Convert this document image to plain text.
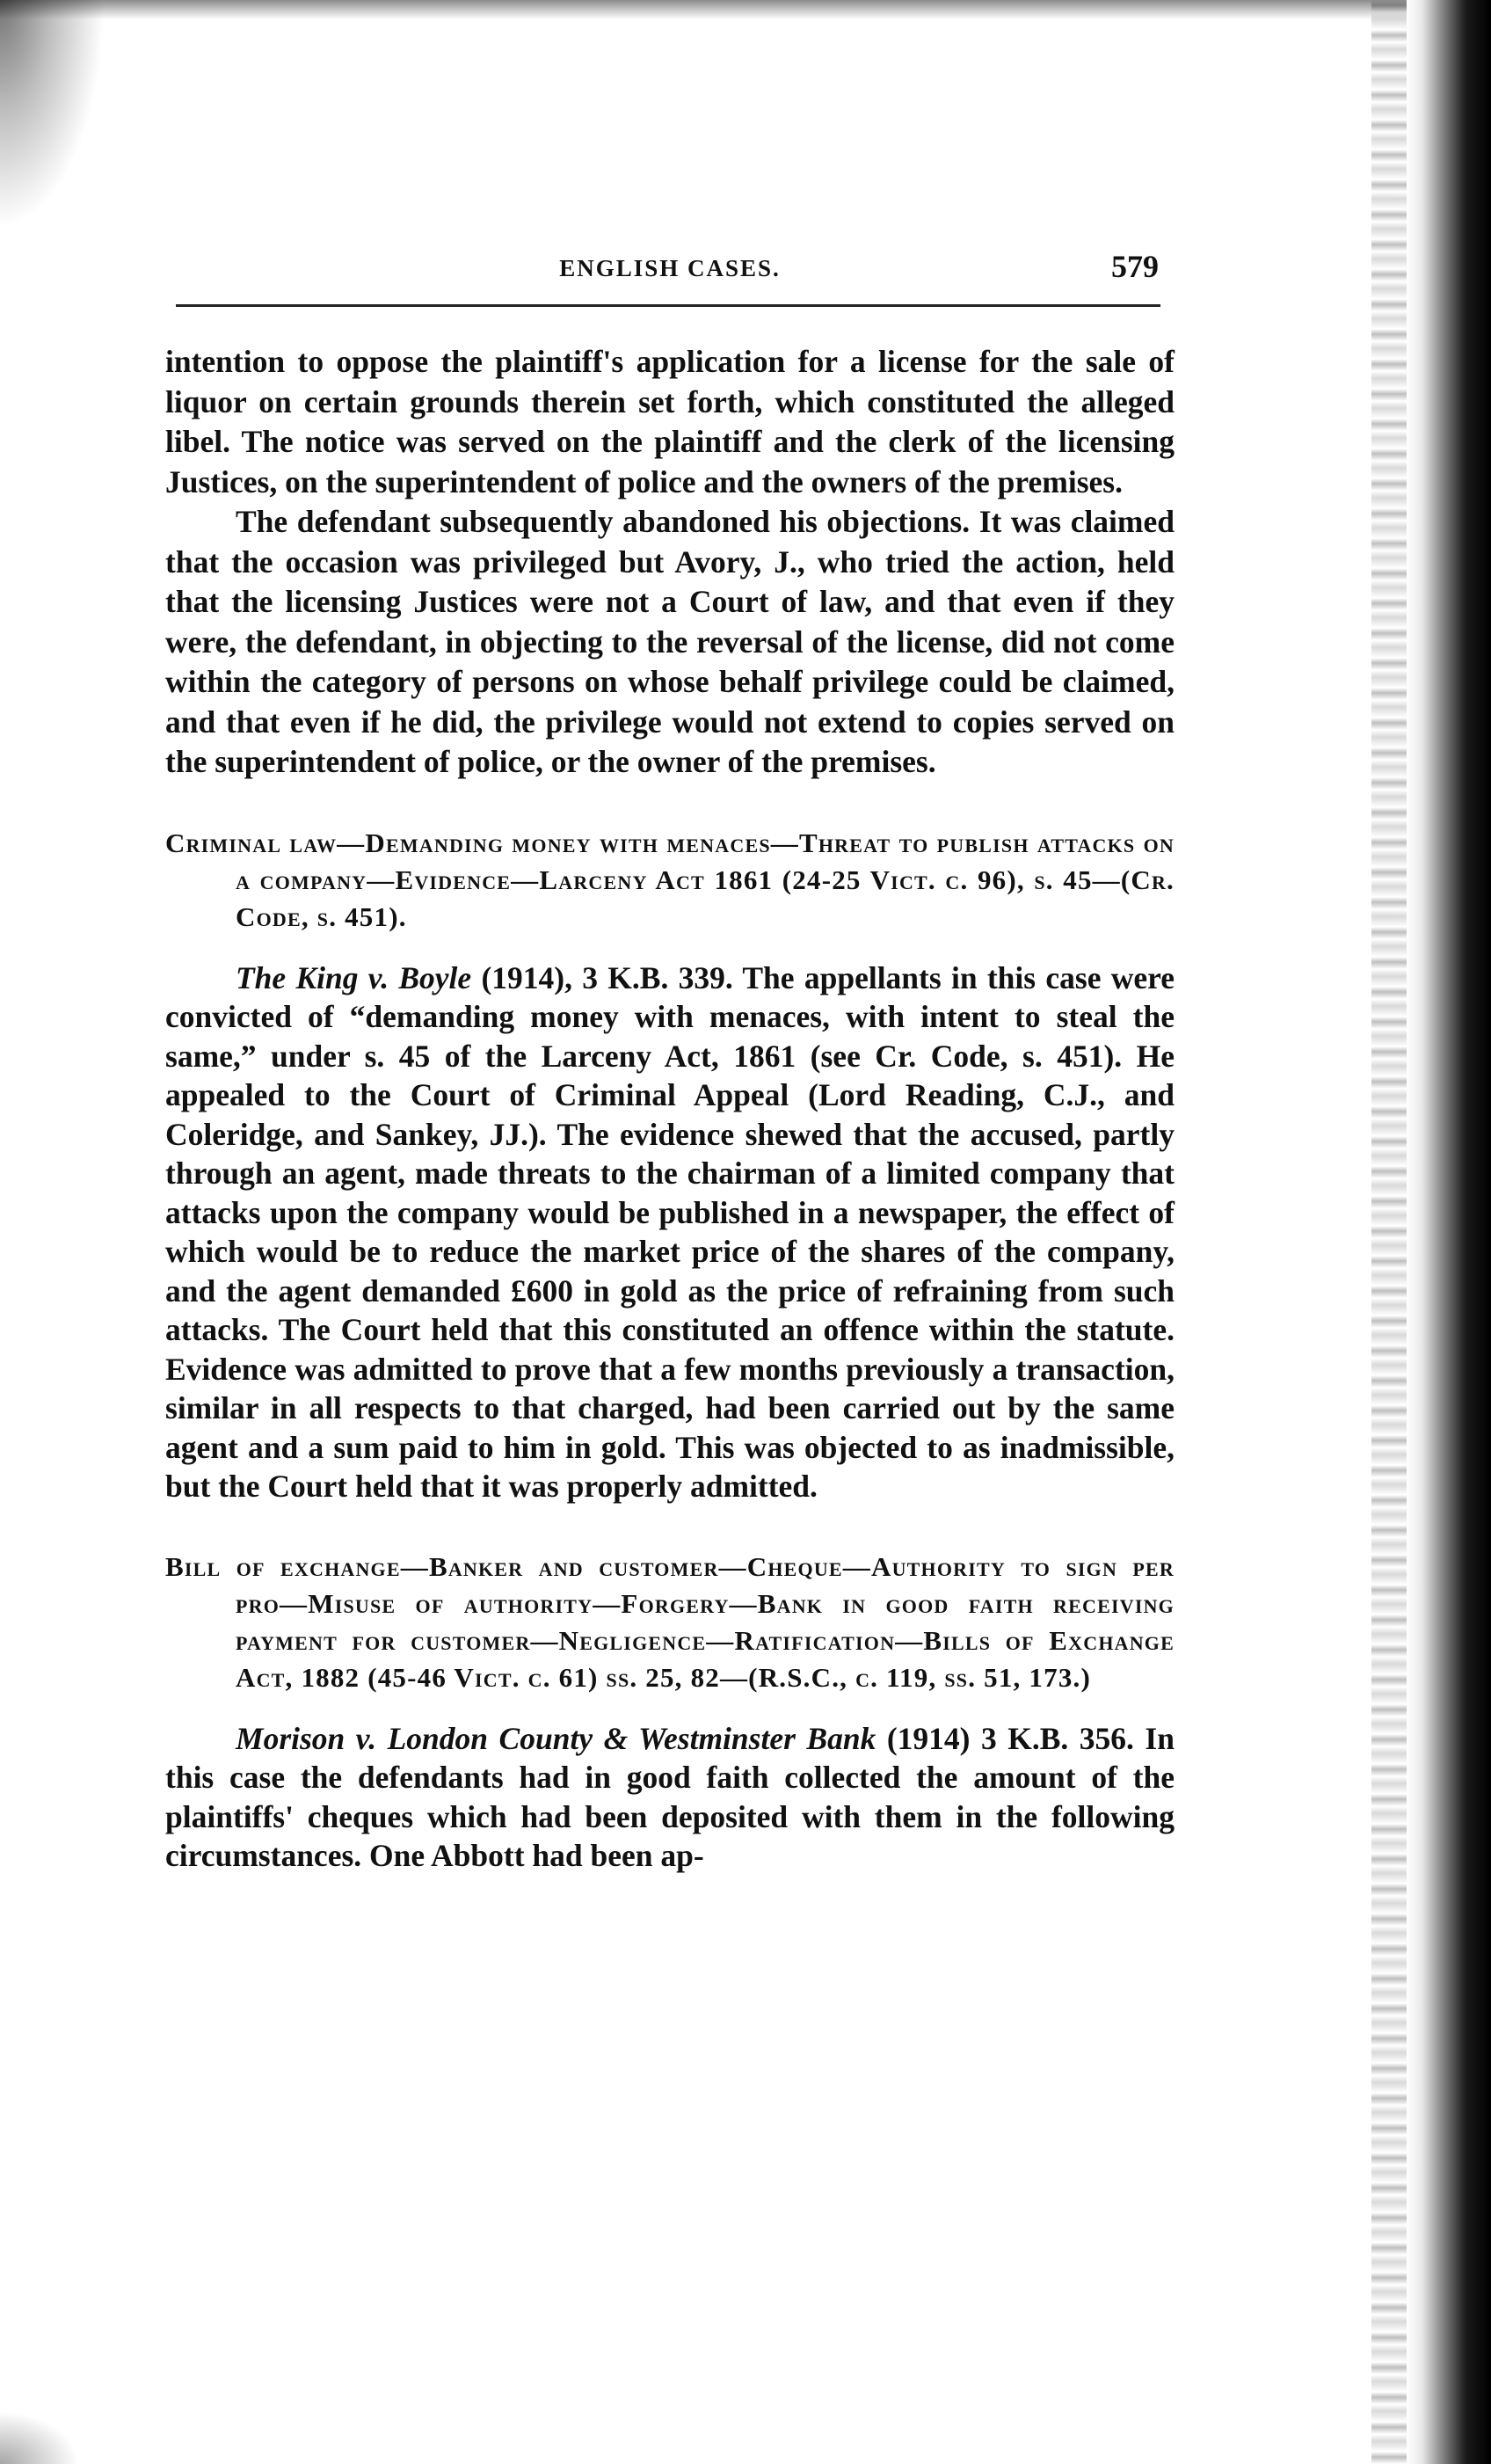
ENGLISH CASES.	579

intention to oppose the plaintiff's application for a license for the sale of liquor on certain grounds therein set forth, which constituted the alleged libel. The notice was served on the plaintiff and the clerk of the licensing Justices, on the superintendent of police and the owners of the premises.

The defendant subsequently abandoned his objections. It was claimed that the occasion was privileged but Avory, J., who tried the action, held that the licensing Justices were not a Court of law, and that even if they were, the defendant, in objecting to the reversal of the license, did not come within the category of persons on whose behalf privilege could be claimed, and that even if he did, the privilege would not extend to copies served on the superintendent of police, or the owner of the premises.

Criminal law—Demanding money with menaces—Threat to publish attacks on a company—Evidence—Larceny Act 1861 (24-25 Vict. c. 96), s. 45—(Cr. Code, s. 451).
The King v. Boyle (1914), 3 K.B. 339. The appellants in this case were convicted of “demanding money with menaces, with intent to steal the same,” under s. 45 of the Larceny Act, 1861 (see Cr. Code, s. 451). He appealed to the Court of Criminal Appeal (Lord Reading, C.J., and Coleridge, and Sankey, JJ.). The evidence shewed that the accused, partly through an agent, made threats to the chairman of a limited company that attacks upon the company would be published in a newspaper, the effect of which would be to reduce the market price of the shares of the company, and the agent demanded £600 in gold as the price of refraining from such attacks. The Court held that this constituted an offence within the statute. Evidence was admitted to prove that a few months previously a transaction, similar in all respects to that charged, had been carried out by the same agent and a sum paid to him in gold. This was objected to as inadmissible, but the Court held that it was properly admitted.
Bill of exchange—Banker and customer—Cheque—Authority to sign per pro—Misuse of authority—Forgery—Bank in good faith receiving payment for customer—Negligence—Ratification—Bills of Exchange Act, 1882 (45-46 Vict. c. 61) ss. 25, 82—(R.S.C., c. 119, ss. 51, 173.)
Morison v. London County & Westminster Bank (1914) 3 K.B. 356. In this case the defendants had in good faith collected the amount of the plaintiffs' cheques which had been deposited with them in the following circumstances. One Abbott had been ap-
